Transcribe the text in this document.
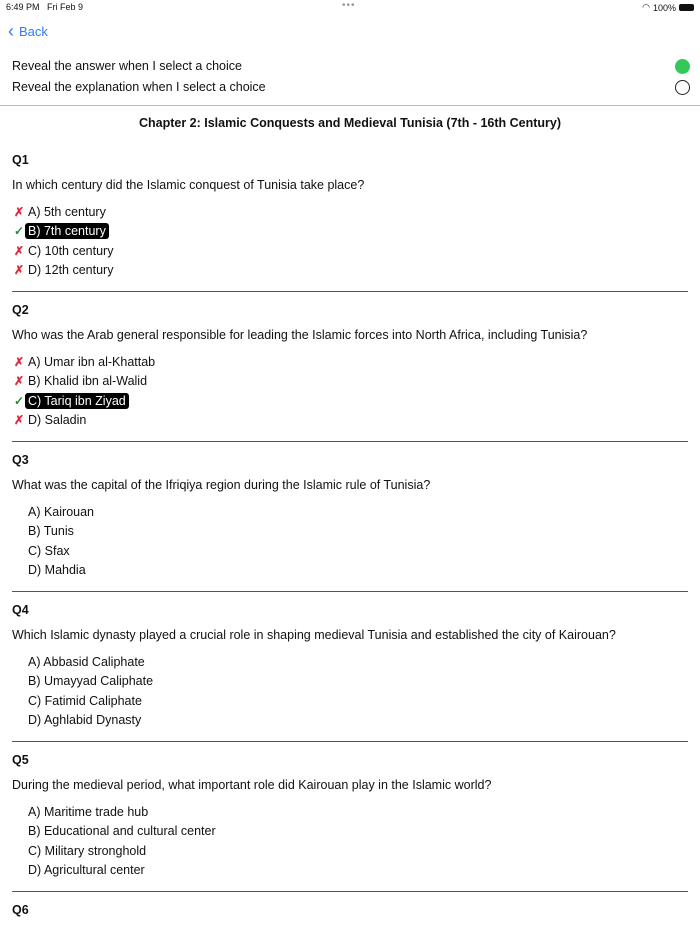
6:49 PM Fri Feb 9	•••	◠ 100%
‹ Back
Reveal the answer when I select a choice
Reveal the explanation when I select a choice
Chapter 2: Islamic Conquests and Medieval Tunisia (7th - 16th Century)
Q1
In which century did the Islamic conquest of Tunisia take place?
✗ A) 5th century
✓ B) 7th century
✗ C) 10th century
✗ D) 12th century
Q2
Who was the Arab general responsible for leading the Islamic forces into North Africa, including Tunisia?
✗ A) Umar ibn al-Khattab
✗ B) Khalid ibn al-Walid
✓ C) Tariq ibn Ziyad
✗ D) Saladin
Q3
What was the capital of the Ifriqiya region during the Islamic rule of Tunisia?
A) Kairouan
B) Tunis
C) Sfax
D) Mahdia
Q4
Which Islamic dynasty played a crucial role in shaping medieval Tunisia and established the city of Kairouan?
A) Abbasid Caliphate
B) Umayyad Caliphate
C) Fatimid Caliphate
D) Aghlabid Dynasty
Q5
During the medieval period, what important role did Kairouan play in the Islamic world?
A) Maritime trade hub
B) Educational and cultural center
C) Military stronghold
D) Agricultural center
Q6
